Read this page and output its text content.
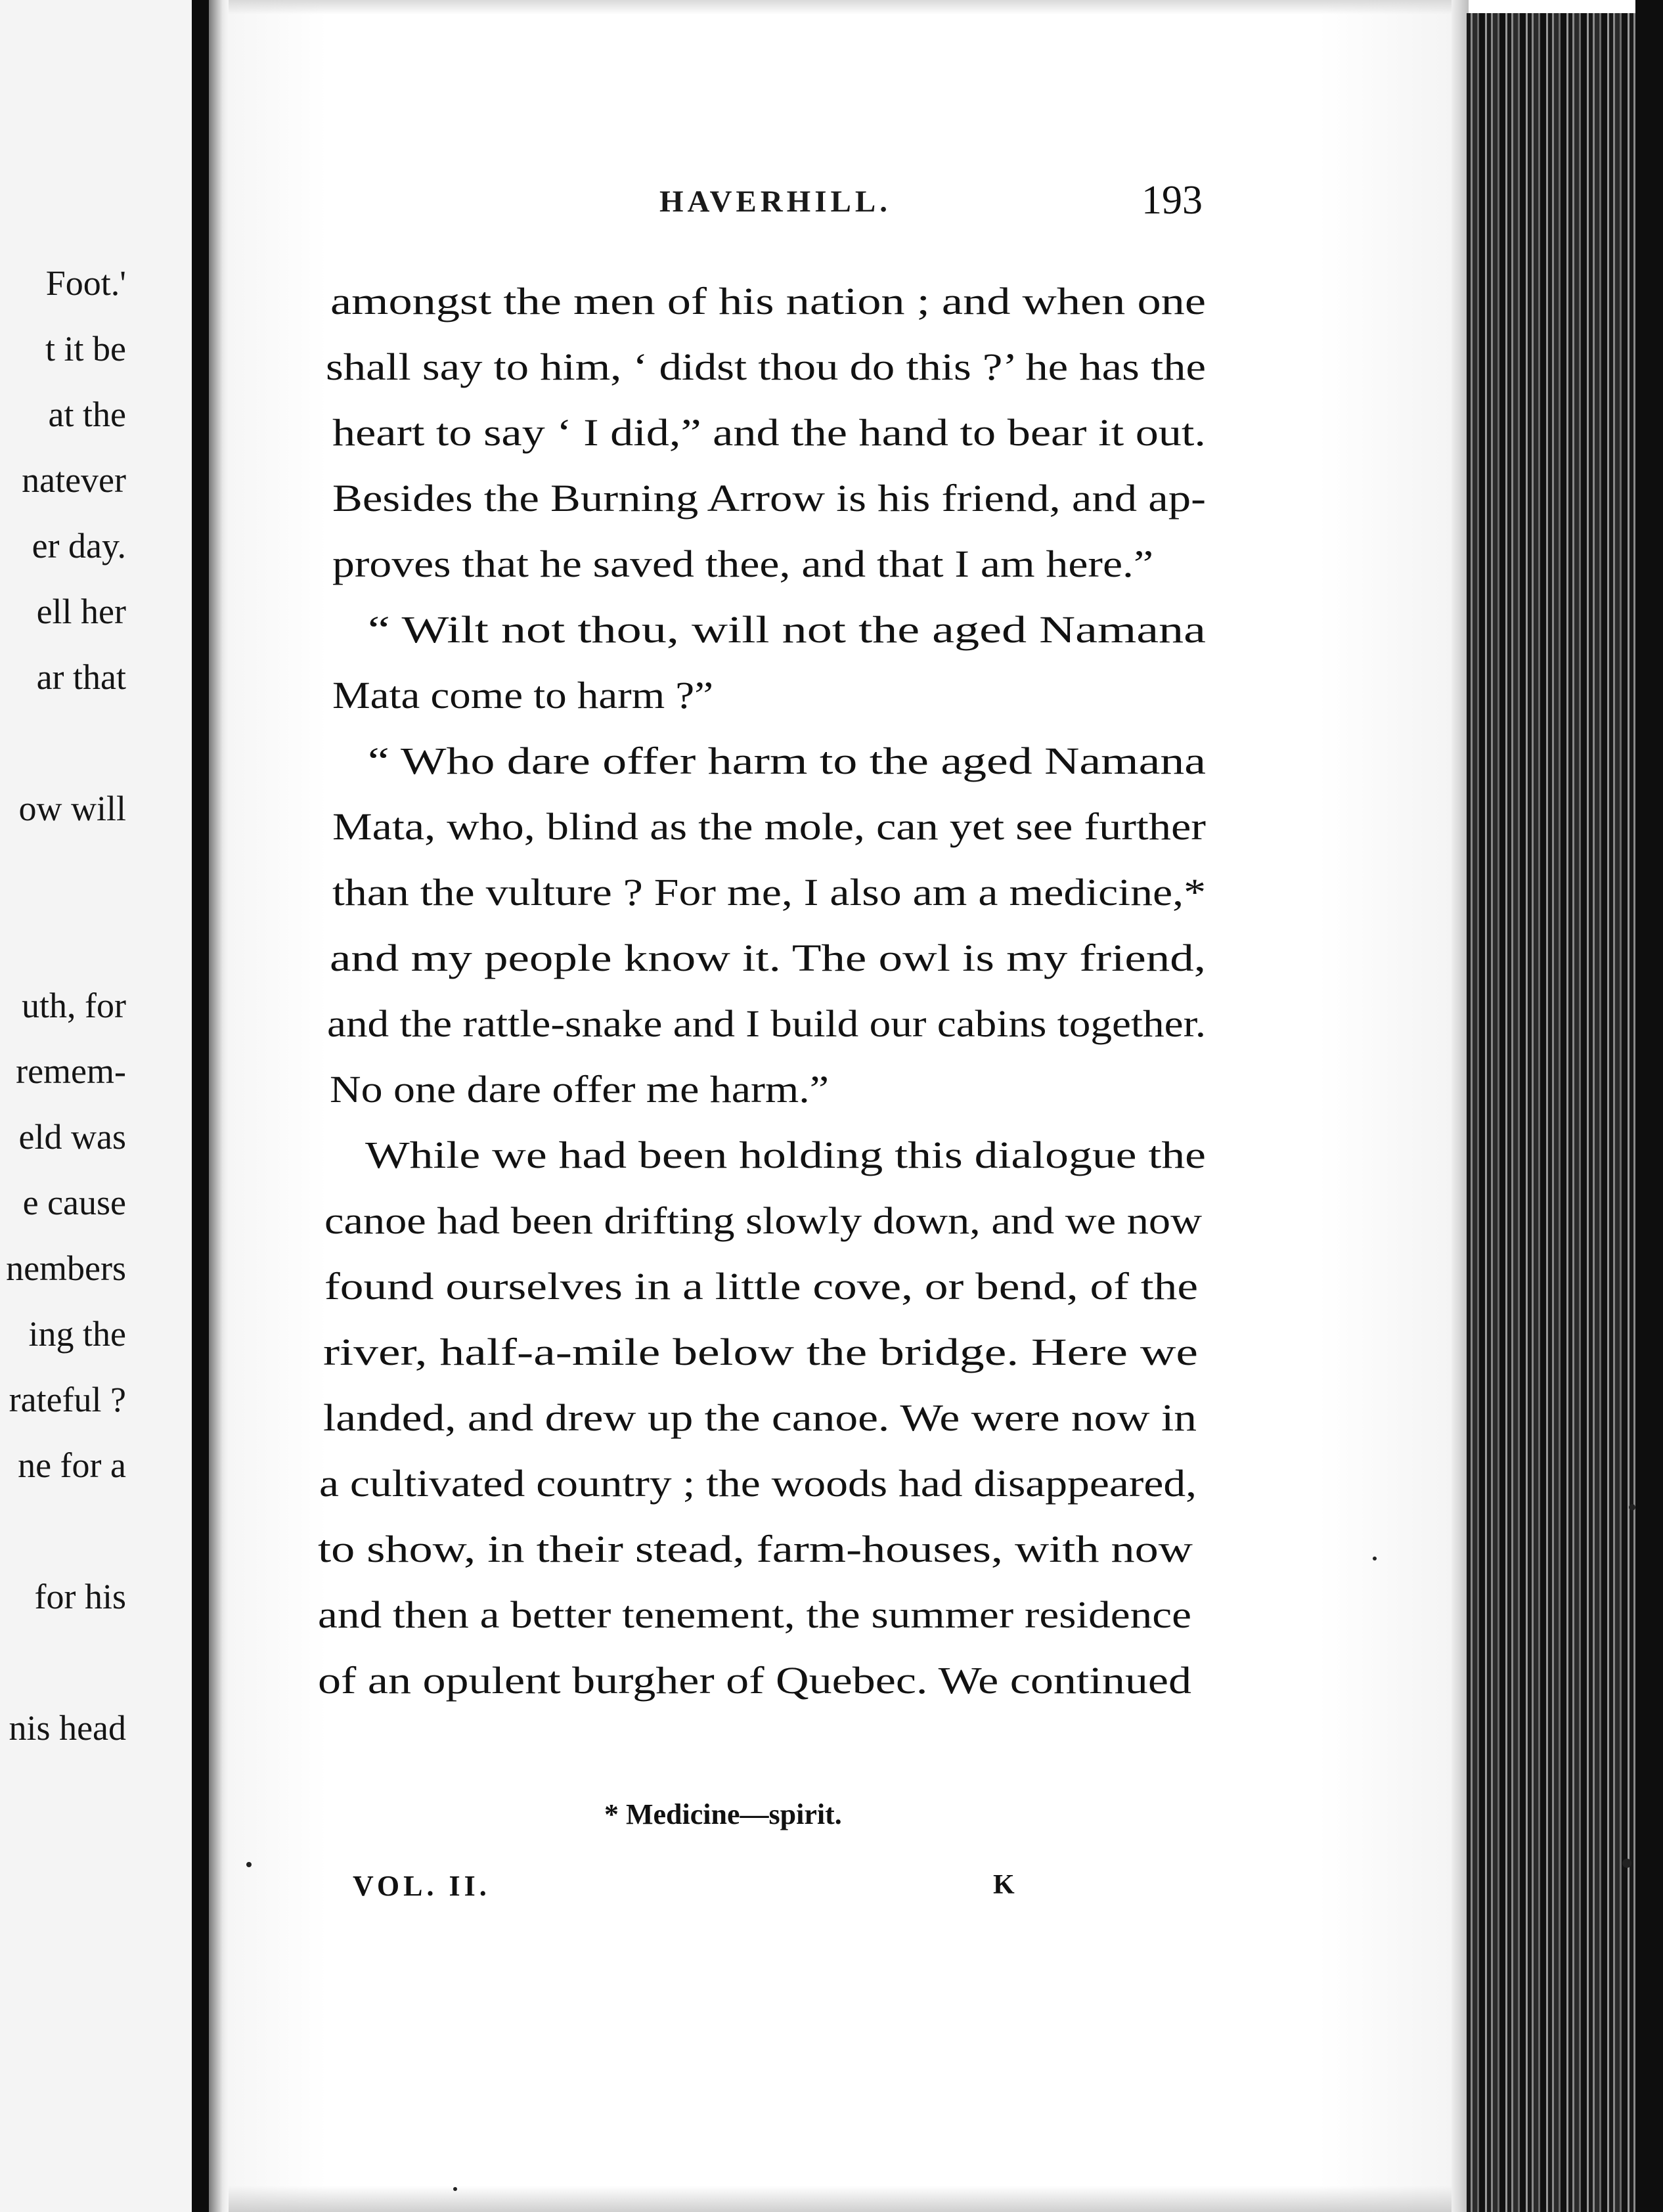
Foot.'
t it be
at the
natever
er day.
ell her
ar that
ow will
uth, for
remem-
eld was
e cause
nembers
ing the
rateful ?
ne for a
for his
nis head
HAVERHILL.	193
amongst the men of his nation ; and when one
shall say to him, ‘ didst thou do this ?’ he has the
heart to say ‘ I did,” and the hand to bear it out.
Besides the Burning Arrow is his friend, and ap-
proves that he saved thee, and that I am here.”
“ Wilt not thou, will not the aged Namana
Mata come to harm ?”
“ Who dare offer harm to the aged Namana
Mata, who, blind as the mole, can yet see further
than the vulture ? For me, I also am a medicine,*
and my people know it. The owl is my friend,
and the rattle-snake and I build our cabins together.
No one dare offer me harm.”
While we had been holding this dialogue the
canoe had been drifting slowly down, and we now
found ourselves in a little cove, or bend, of the
river, half-a-mile below the bridge. Here we
landed, and drew up the canoe. We were now in
a cultivated country ; the woods had disappeared,
to show, in their stead, farm-houses, with now
and then a better tenement, the summer residence
of an opulent burgher of Quebec. We continued
* Medicine—spirit.
VOL. II.	K
